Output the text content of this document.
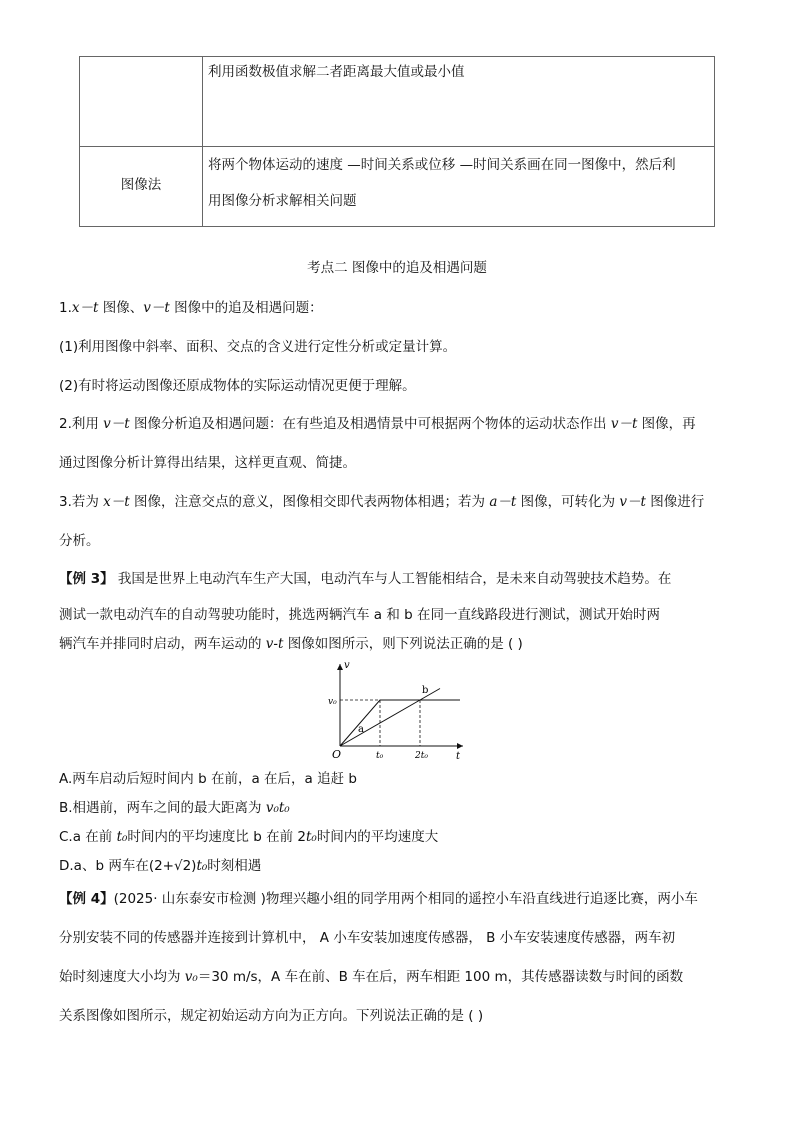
利用函数极值求解二者距离最大值或最小值
图像法
将两个物体运动的速度 —时间关系或位移 —时间关系画在同一图像中，然后利
用图像分析求解相关问题
考点二 图像中的追及相遇问题
1.x－t 图像、v－t 图像中的追及相遇问题：
(1)利用图像中斜率、面积、交点的含义进行定性分析或定量计算。
(2)有时将运动图像还原成物体的实际运动情况更便于理解。
2.利用 v－t 图像分析追及相遇问题：在有些追及相遇情景中可根据两个物体的运动状态作出 v－t 图像，再
通过图像分析计算得出结果，这样更直观、简捷。
3.若为 x－t 图像，注意交点的意义，图像相交即代表两物体相遇；若为 a－t 图像，可转化为 v－t 图像进行
分析。
【例 3】 我国是世界上电动汽车生产大国，电动汽车与人工智能相结合，是未来自动驾驶技术趋势。在
测试一款电动汽车的自动驾驶功能时，挑选两辆汽车 a 和 b 在同一直线路段进行测试，测试开始时两
辆汽车并排同时启动，两车运动的 v-t 图像如图所示，则下列说法正确的是 ( )
v
t
O
v₀
t₀	2t₀
a
b
A.两车启动后短时间内 b 在前，a 在后，a 追赶 b
B.相遇前，两车之间的最大距离为 v₀t₀
C.a 在前 t₀时间内的平均速度比 b 在前 2t₀时间内的平均速度大
D.a、b 两车在(2+√2)t₀时刻相遇
【例 4】(2025· 山东泰安市检测 )物理兴趣小组的同学用两个相同的遥控小车沿直线进行追逐比赛，两小车
分别安装不同的传感器并连接到计算机中， A 小车安装加速度传感器， B 小车安装速度传感器，两车初
始时刻速度大小均为 v₀＝30 m/s，A 车在前、B 车在后，两车相距 100 m，其传感器读数与时间的函数
关系图像如图所示，规定初始运动方向为正方向。下列说法正确的是 ( )
